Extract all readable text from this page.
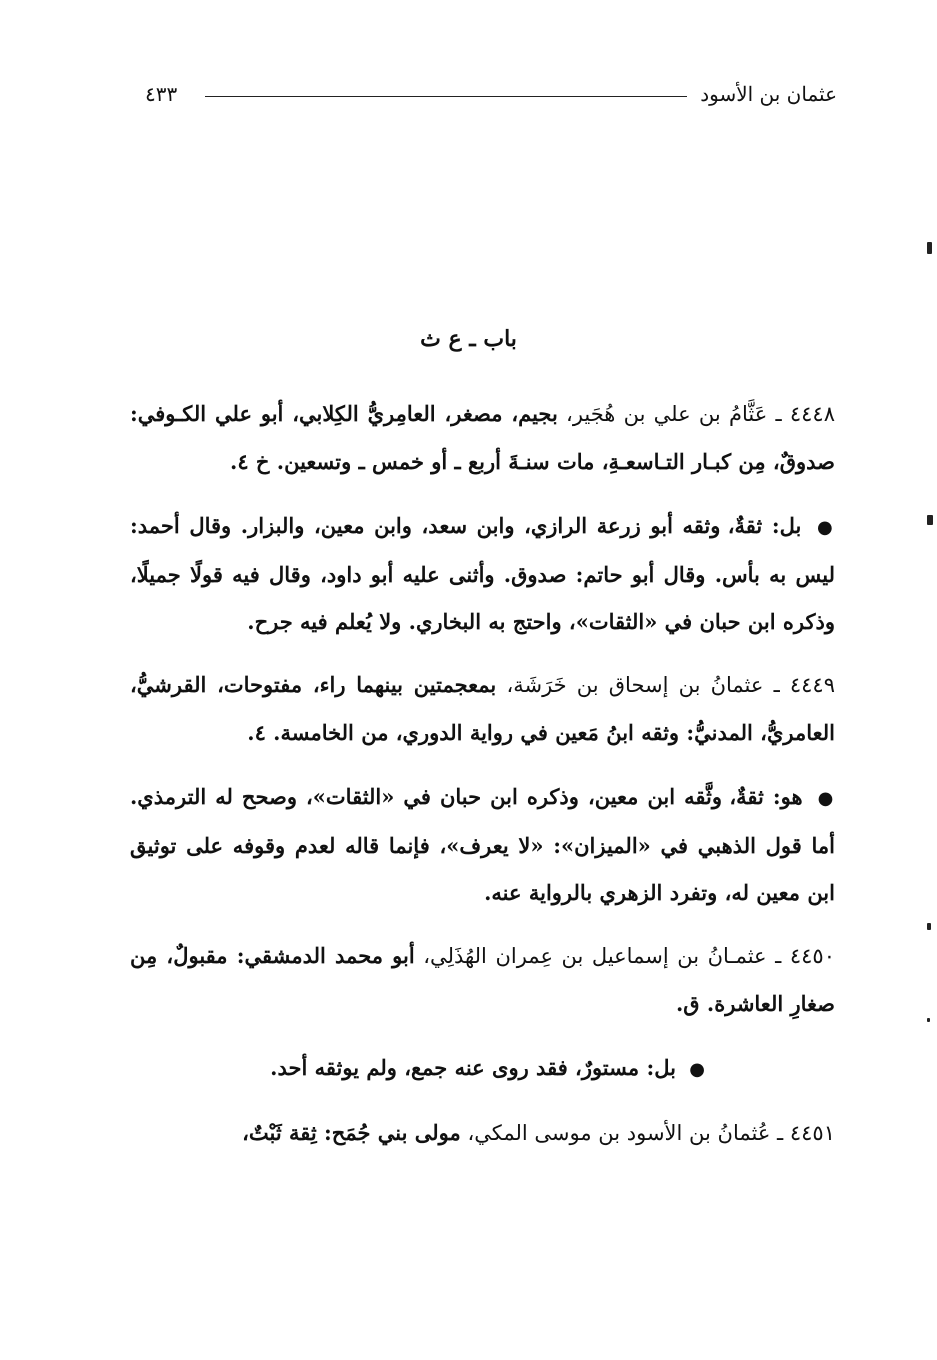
عثمان بن الأسود
٤٣٣
باب ـ ع ث

٤٤٤٨ ـ عَثَّامُ بن علي بن هُجَير، بجيم، مصغر، العامِريُّ الكِلابي، أبو علي الكـوفي: صدوقٌ، مِن كبـار التـاسعـةِ، مات سنـةَ أربع ـ أو خمس ـ وتسعين. خ ٤.

● بل: ثقةٌ، وثقه أبو زرعة الرازي، وابن سعد، وابن معين، والبزار. وقال أحمد: ليس به بأس. وقال أبو حاتم: صدوق. وأثنى عليه أبو داود، وقال فيه قولًا جميلًا، وذكره ابن حبان في «الثقات»، واحتج به البخاري. ولا يُعلم فيه جرح.

٤٤٤٩ ـ عثمانُ بن إسحاق بن خَرَشَة، بمعجمتين بينهما راء، مفتوحات، القرشيُّ، العامريُّ، المدنيُّ: وثقه ابنُ مَعين في رواية الدوري، من الخامسة. ٤.

● هو: ثقةٌ، وثَّقه ابن معين، وذكره ابن حبان في «الثقات»، وصحح له الترمذي. أما قول الذهبي في «الميزان»: «لا يعرف»، فإنما قاله لعدم وقوفه على توثيق ابن معين له، وتفرد الزهري بالرواية عنه.

٤٤٥٠ ـ عثمـانُ بن إسماعيل بن عِمران الهُذَلِي، أبو محمد الدمشقي: مقبولٌ، مِن صغارِ العاشرة. ق.

● بل: مستورٌ، فقد روى عنه جمع، ولم يوثقه أحد.

٤٤٥١ ـ عُثمانُ بن الأسود بن موسى المكي، مولى بني جُمَح: ثِقة ثَبْتٌ،
